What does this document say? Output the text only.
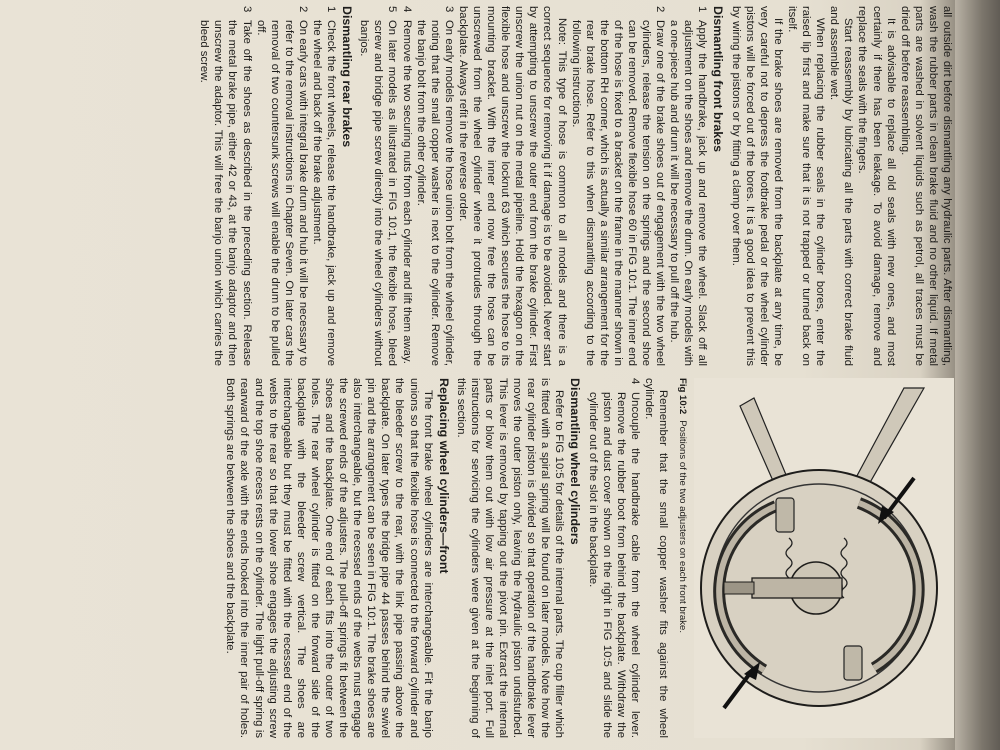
all outside dirt before dismantling any hydraulic parts. After dismantling, wash the rubber parts in clean brake fluid and no other liquid. If metal parts are washed in solvent liquids such as petrol, all traces must be dried off before reassembling.

It is advisable to replace all old seals with new ones, and most certainly if there has been leakage. To avoid damage, remove and replace the seals with the fingers.

Start reassembly by lubricating all the parts with correct brake fluid and assemble wet.

When replacing the rubber seals in the cylinder bores, enter the raised lip first and make sure that it is not trapped or turned back on itself.

If the brake shoes are removed from the backplate at any time, be very careful not to depress the footbrake pedal or the wheel cylinder pistons will be forced out of the bores. It is a good idea to prevent this by wiring the pistons or by fitting a clamp over them.

Dismantling front brakes
1
Apply the handbrake, jack up and remove the wheel. Slack off all adjustment on the shoes and remove the drum. On early models with a one-piece hub and drum it will be necessary to pull off the hub.
2
Draw one of the brake shoes out of engagement with the two wheel cylinders, release the tension on the springs and the second shoe can be removed. Remove flexible hose 60 in FIG 10:1. The inner end of the hose is fixed to a bracket on the frame in the manner shown in the bottom RH corner, which is actually a similar arrangement for the rear brake hose. Refer to this when dismantling according to the following instructions.

Note: This type of hose is common to all models and there is a correct sequence for removing it if damage is to be avoided. Never start by attempting to unscrew the outer end from the brake cylinder. First unscrew the union nut on the metal pipeline. Hold the hexagon on the flexible hose and unscrew the locknut 63 which secures the hose to its mounting bracket. With the inner end now free the hose can be unscrewed from the wheel cylinder where it protrudes through the backplate. Always refit in the reverse order.

3
On early models remove the hose union bolt from the wheel cylinder, noting that the small copper washer is next to the cylinder. Remove the banjo bolt from the other cylinder.
4
Remove the two securing nuts from each cylinder and lift them away.
5
On later models as illustrated in FIG 10:1, the flexible hose, bleed screw and bridge pipe screw directly into the wheel cylinders without banjos.
Dismantling rear brakes
1
Check the front wheels, release the handbrake, jack up and remove the wheel and back off the brake adjustment.
2
On early cars with integral brake drum and hub it will be necessary to refer to the removal instructions in Chapter Seven. On later cars the removal of two countersunk screws will enable the drum to be pulled off.
3
Take off the shoes as described in the preceding section. Release the metal brake pipe, either 42 or 43, at the banjo adaptor and then unscrew the adaptor. This will free the banjo union which carries the bleed screw.

Fig 10:2Positions of the two adjusters on each front brake.

Remember that the small copper washer fits against the wheel cylinder.

4
Uncouple the handbrake cable from the wheel cylinder lever. Remove the rubber boot from behind the backplate. Withdraw the piston and dust cover shown on the right in FIG 10:5 and slide the cylinder out of the slot in the backplate.
Dismantling wheel cylinders

Refer to FIG 10:5 for details of the internal parts. The cup filler which is fitted with a spiral spring will be found on later models. Note how the rear cylinder piston is divided so that operation of the handbrake lever moves the outer piston only, leaving the hydraulic piston undisturbed. This lever is removed by tapping out the pivot pin. Extract the internal parts or blow them out with low air pressure at the inlet port. Full instructions for servicing the cylinders were given at the beginning of this section.

Replacing wheel cylinders—front

The front brake wheel cylinders are interchangeable. Fit the banjo unions so that the flexible hose is connected to the forward cylinder and the bleeder screw to the rear, with the link pipe passing above the backplate. On later types the bridge pipe 44 passes behind the swivel pin and the arrangement can be seen in FIG 10:1. The brake shoes are also interchangeable, but the recessed ends of the webs must engage the screwed ends of the adjusters. The pull-off springs fit between the shoes and the backplate. One end of each fits into the outer of two holes. The rear wheel cylinder is fitted on the forward side of the backplate with the bleeder screw vertical. The shoes are interchangeable but they must be fitted with the recessed end of the webs to the rear so that the lower shoe engages the adjusting screw and the top shoe recess rests on the cylinder. The light pull-off spring is rearward of the axle with the ends hooked into the inner pair of holes. Both springs are between the shoes and the backplate.
